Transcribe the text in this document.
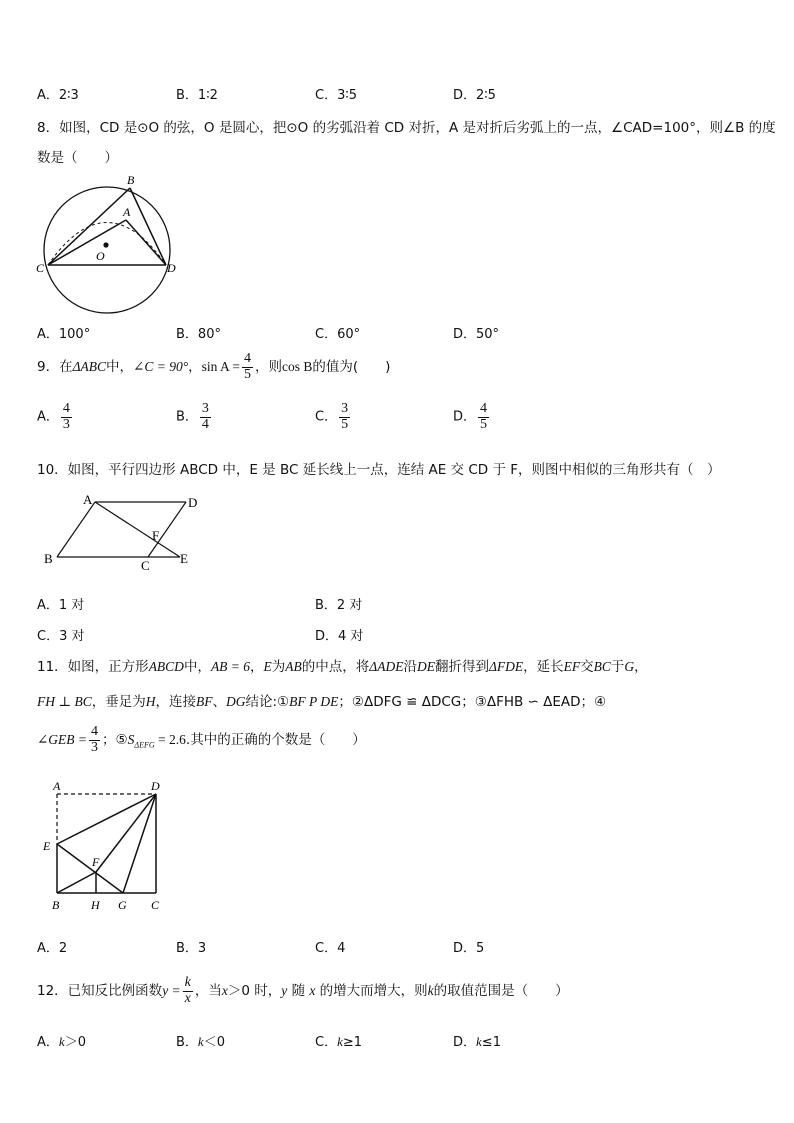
A．2∶3	B．1∶2	C．3∶5	D．2∶5
8．如图，CD 是⊙O 的弦，O 是圆心，把⊙O 的劣弧沿着 CD 对折，A 是对折后劣弧上的一点，∠CAD=100°，则∠B 的度
数是（　　）
B
A
O
C	D
A．100°	B．80°	C．60°	D．50°
9．在ΔABC中，∠C = 90°，$\sin A = \frac{4}{5}$ ，则cos B的值为(　　)
A． $\frac{4}{3}$	B． $\frac{3}{4}$	C． $\frac{3}{5}$	D． $\frac{4}{5}$
10．如图，平行四边形 ABCD 中，E 是 BC 延长线上一点，连结 AE 交 CD 于 F，则图中相似的三角形共有（　）
A	D
F
B	C E
A．1 对	B．2 对
C．3 对	D．4 对
11．如图，正方形ABCD中，AB = 6，E为AB的中点，将ΔADE沿DE翻折得到ΔFDE，延长EF交BC于G，
FH ⊥ BC，垂足为H，连接BF、DG结论:①BF P DE；②ΔDFG ≌ ΔDCG；③ΔFHB ∽ ΔEAD；④
∠GEB = $\frac{4}{3}$ ；$⑤S_{\Delta EFG} = 2.6$.其中的正确的个数是（　　）
A	D
E
F
B	H G C
A．2	B．3	C．4	D．5
12．已知反比例函数$y = \frac{k}{x}$ ，当x＞0 时，y 随 x 的增大而增大，则k的取值范围是（　　）
A．k＞0	B．k＜0	C．k≥1	D．k≤1
